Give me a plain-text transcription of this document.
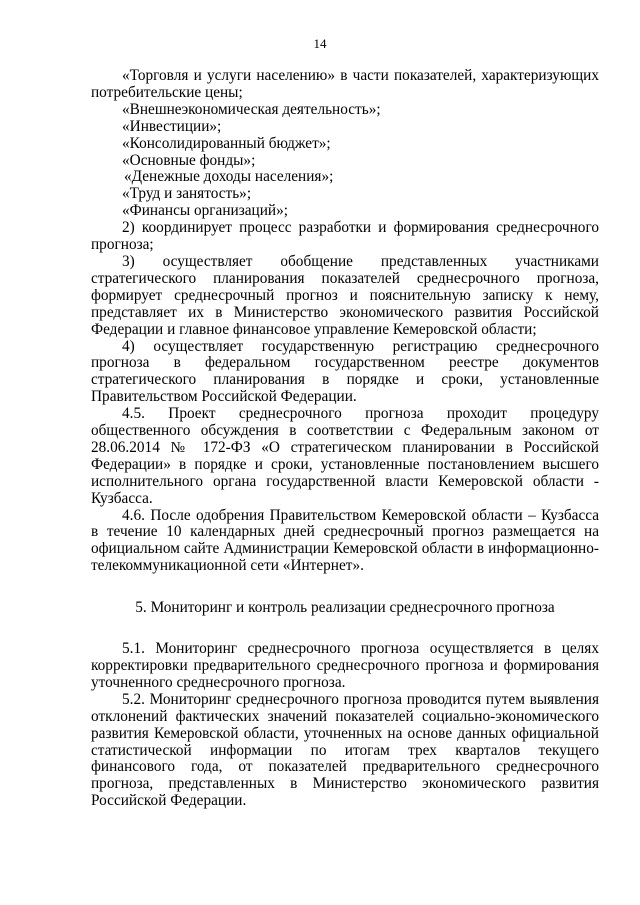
14

«Торговля и услуги населению» в части показателей, характеризующих потребительские цены;

«Внешнеэкономическая деятельность»;

«Инвестиции»;

«Консолидированный бюджет»;

«Основные фонды»;

«Денежные доходы населения»;

«Труд и занятость»;

«Финансы организаций»;

2) координирует процесс разработки и формирования среднесрочного прогноза;

3) осуществляет обобщение представленных участниками стратегического планирования показателей среднесрочного прогноза, формирует среднесрочный прогноз и пояснительную записку к нему, представляет их в Министерство экономического развития Российской Федерации и главное финансовое управление Кемеровской области;

4) осуществляет государственную регистрацию среднесрочного прогноза в федеральном государственном реестре документов стратегического планирования в порядке и сроки, установленные Правительством Российской Федерации.

4.5. Проект среднесрочного прогноза проходит процедуру общественного обсуждения в соответствии с Федеральным законом от 28.06.2014 № 172-ФЗ «О стратегическом планировании в Российской Федерации» в порядке и сроки, установленные постановлением высшего исполнительного органа государственной власти Кемеровской области - Кузбасса.

4.6. После одобрения Правительством Кемеровской области – Кузбасса в течение 10 календарных дней среднесрочный прогноз размещается на официальном сайте Администрации Кемеровской области в информационно-телекоммуникационной сети «Интернет».

5. Мониторинг и контроль реализации среднесрочного прогноза

5.1. Мониторинг среднесрочного прогноза осуществляется в целях корректировки предварительного среднесрочного прогноза и формирования уточненного среднесрочного прогноза.

5.2. Мониторинг среднесрочного прогноза проводится путем выявления отклонений фактических значений показателей социально-экономического развития Кемеровской области, уточненных на основе данных официальной статистической информации по итогам трех кварталов текущего финансового года, от показателей предварительного среднесрочного прогноза, представленных в Министерство экономического развития Российской Федерации.
